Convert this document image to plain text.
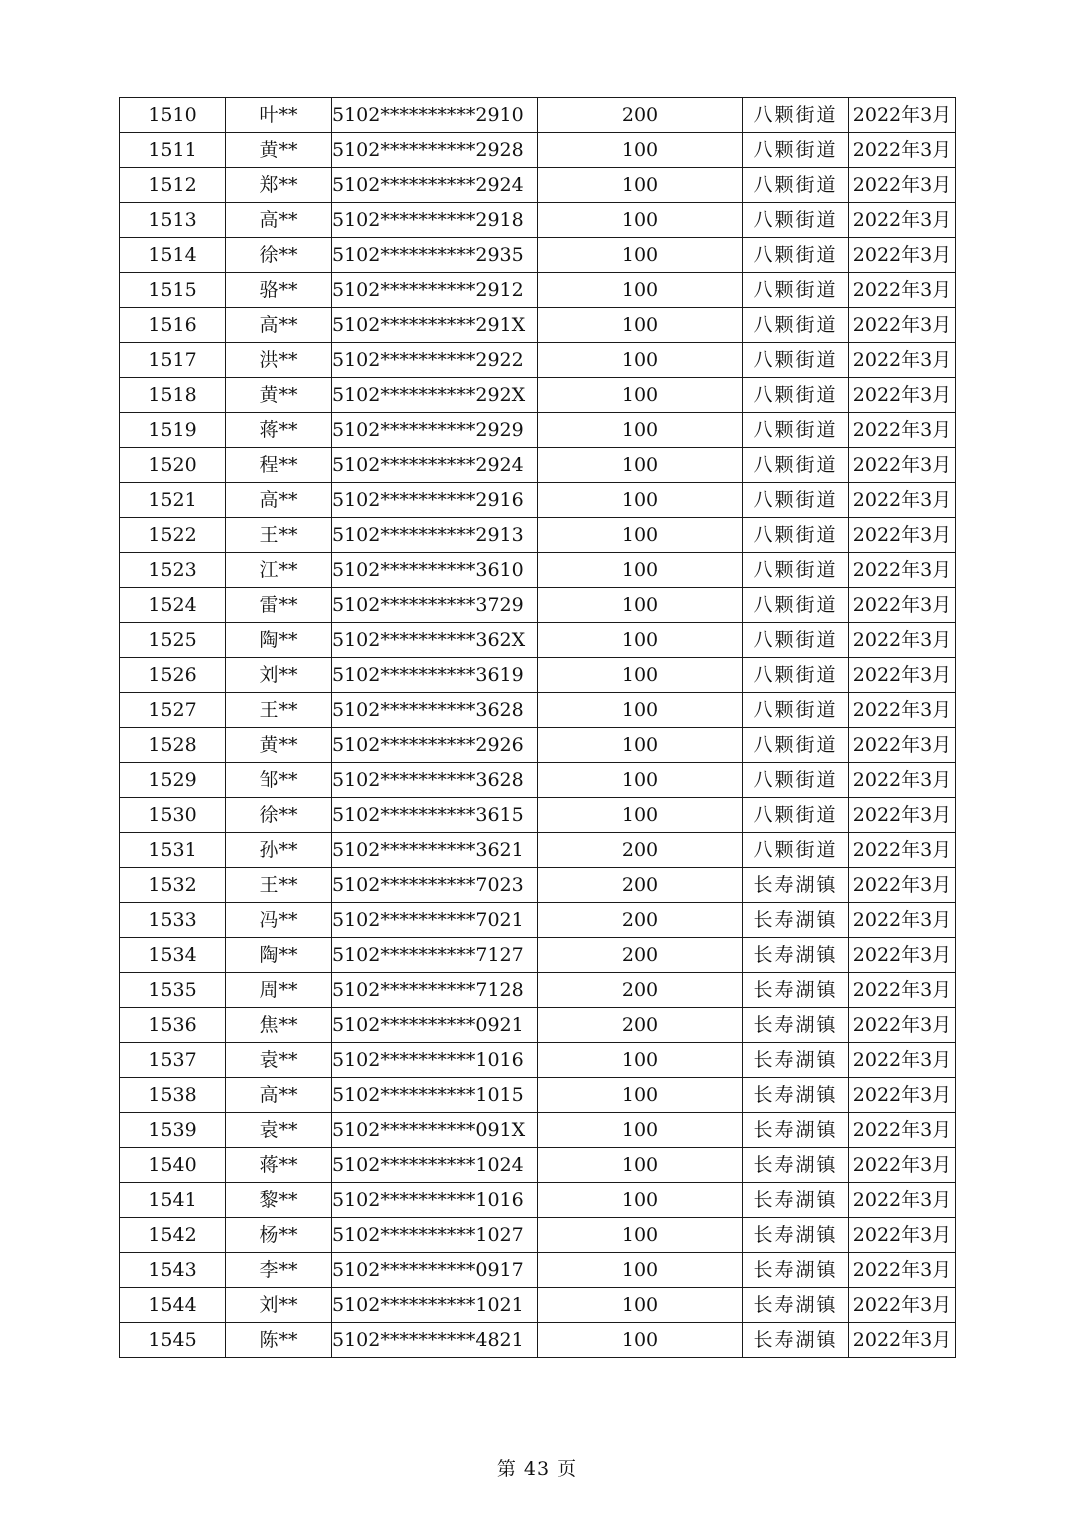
1510	叶**	5102**********2910	200	八颗街道	2022年3月
1511	黄**	5102**********2928	100	八颗街道	2022年3月
1512	郑**	5102**********2924	100	八颗街道	2022年3月
1513	高**	5102**********2918	100	八颗街道	2022年3月
1514	徐**	5102**********2935	100	八颗街道	2022年3月
1515	骆**	5102**********2912	100	八颗街道	2022年3月
1516	高**	5102**********291X	100	八颗街道	2022年3月
1517	洪**	5102**********2922	100	八颗街道	2022年3月
1518	黄**	5102**********292X	100	八颗街道	2022年3月
1519	蒋**	5102**********2929	100	八颗街道	2022年3月
1520	程**	5102**********2924	100	八颗街道	2022年3月
1521	高**	5102**********2916	100	八颗街道	2022年3月
1522	王**	5102**********2913	100	八颗街道	2022年3月
1523	江**	5102**********3610	100	八颗街道	2022年3月
1524	雷**	5102**********3729	100	八颗街道	2022年3月
1525	陶**	5102**********362X	100	八颗街道	2022年3月
1526	刘**	5102**********3619	100	八颗街道	2022年3月
1527	王**	5102**********3628	100	八颗街道	2022年3月
1528	黄**	5102**********2926	100	八颗街道	2022年3月
1529	邹**	5102**********3628	100	八颗街道	2022年3月
1530	徐**	5102**********3615	100	八颗街道	2022年3月
1531	孙**	5102**********3621	200	八颗街道	2022年3月
1532	王**	5102**********7023	200	长寿湖镇	2022年3月
1533	冯**	5102**********7021	200	长寿湖镇	2022年3月
1534	陶**	5102**********7127	200	长寿湖镇	2022年3月
1535	周**	5102**********7128	200	长寿湖镇	2022年3月
1536	焦**	5102**********0921	200	长寿湖镇	2022年3月
1537	袁**	5102**********1016	100	长寿湖镇	2022年3月
1538	高**	5102**********1015	100	长寿湖镇	2022年3月
1539	袁**	5102**********091X	100	长寿湖镇	2022年3月
1540	蒋**	5102**********1024	100	长寿湖镇	2022年3月
1541	黎**	5102**********1016	100	长寿湖镇	2022年3月
1542	杨**	5102**********1027	100	长寿湖镇	2022年3月
1543	李**	5102**********0917	100	长寿湖镇	2022年3月
1544	刘**	5102**********1021	100	长寿湖镇	2022年3月
1545	陈**	5102**********4821	100	长寿湖镇	2022年3月
第 43 页
